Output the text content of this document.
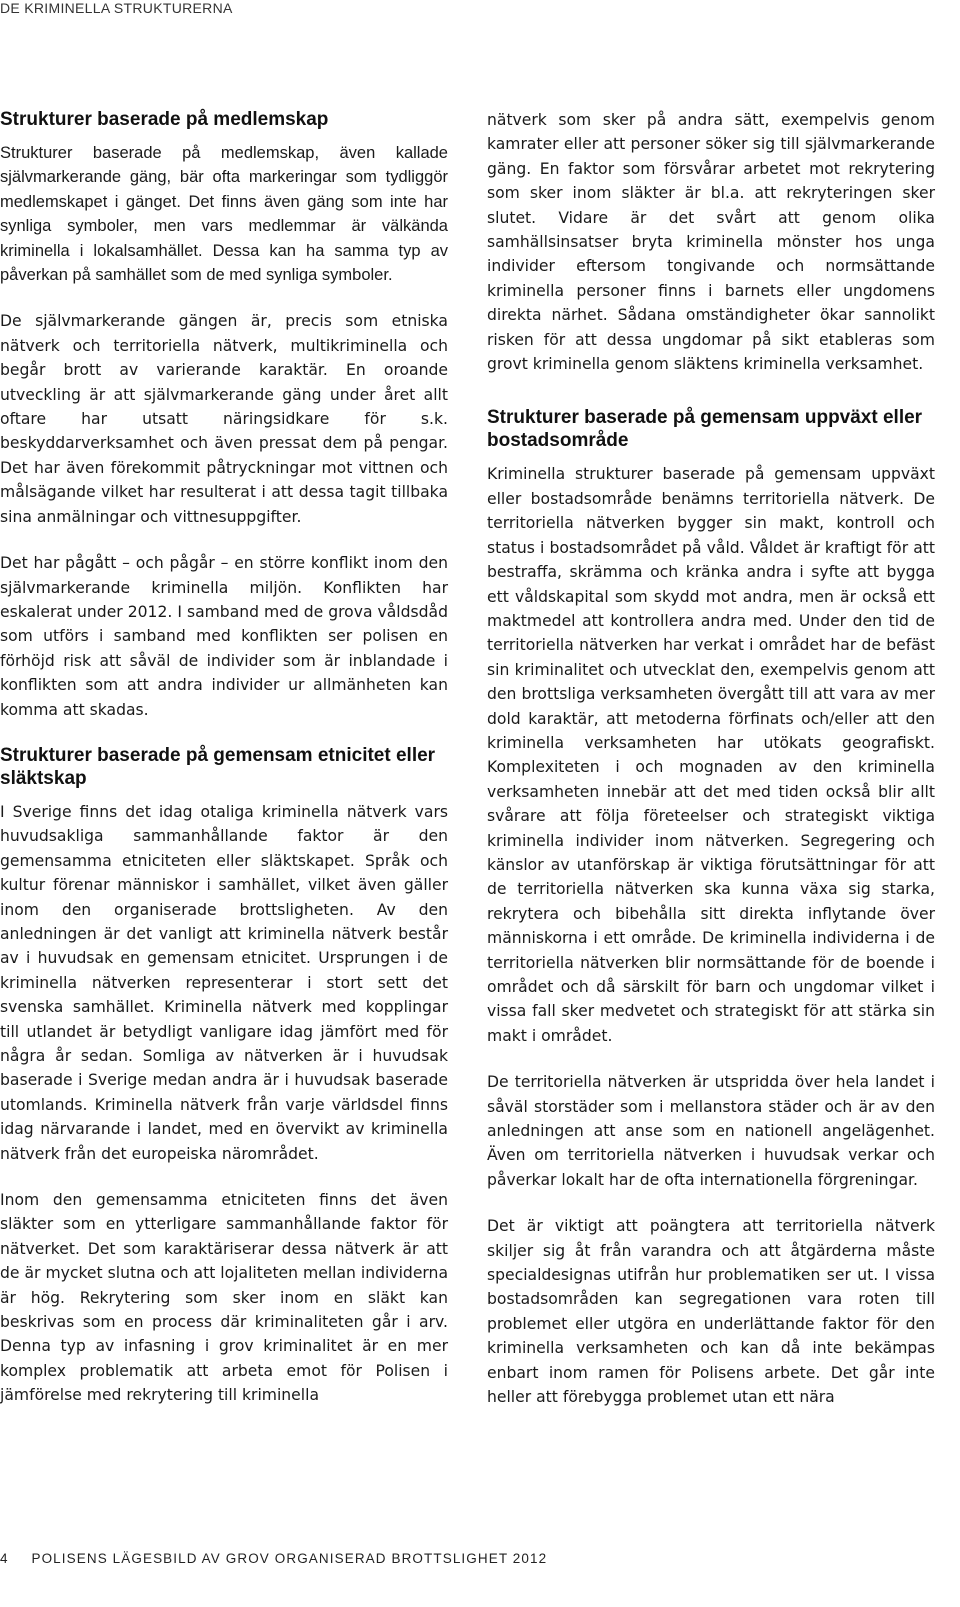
DE KRIMINELLA STRUKTURERNA
Strukturer baserade på medlemskap

Strukturer baserade på medlemskap, även kallade självmarkerande gäng, bär ofta markeringar som tydliggör medlemskapet i gänget. Det finns även gäng som inte har synliga symboler, men vars medlemmar är välkända kriminella i lokalsamhället. Dessa kan ha samma typ av påverkan på samhället som de med synliga symboler.

De självmarkerande gängen är, precis som etniska nätverk och territoriella nätverk, multikriminella och begår brott av varierande karaktär. En oroande utveckling är att självmarkerande gäng under året allt oftare har utsatt näringsidkare för s.k. beskyddarverksamhet och även pressat dem på pengar. Det har även förekommit påtryckningar mot vittnen och målsägande vilket har resulterat i att dessa tagit tillbaka sina anmälningar och vittnesuppgifter.

Det har pågått – och pågår – en större konflikt inom den självmarkerande kriminella miljön. Konflikten har eskalerat under 2012. I samband med de grova våldsdåd som utförs i samband med konflikten ser polisen en förhöjd risk att såväl de individer som är inblandade i konflikten som att andra individer ur allmänheten kan komma att skadas.

Strukturer baserade på gemensam etnicitet eller släktskap

I Sverige finns det idag otaliga kriminella nätverk vars huvudsakliga sammanhållande faktor är den gemensamma etniciteten eller släktskapet. Språk och kultur förenar människor i samhället, vilket även gäller inom den organiserade brottsligheten. Av den anledningen är det vanligt att kriminella nätverk består av i huvudsak en gemensam etnicitet. Ursprungen i de kriminella nätverken representerar i stort sett det svenska samhället. Kriminella nätverk med kopplingar till utlandet är betydligt vanligare idag jämfört med för några år sedan. Somliga av nätverken är i huvudsak baserade i Sverige medan andra är i huvudsak baserade utomlands. Kriminella nätverk från varje världsdel finns idag närvarande i landet, med en övervikt av kriminella nätverk från det europeiska närområdet.

Inom den gemensamma etniciteten finns det även släkter som en ytterligare sammanhållande faktor för nätverket. Det som karaktäriserar dessa nätverk är att de är mycket slutna och att lojaliteten mellan individerna är hög. Rekrytering som sker inom en släkt kan beskrivas som en process där kriminaliteten går i arv. Denna typ av infasning i grov kriminalitet är en mer komplex problematik att arbeta emot för Polisen i jämförelse med rekrytering till kriminella

nätverk som sker på andra sätt, exempelvis genom kamrater eller att personer söker sig till självmarkerande gäng. En faktor som försvårar arbetet mot rekrytering som sker inom släkter är bl.a. att rekryteringen sker slutet. Vidare är det svårt att genom olika samhällsinsatser bryta kriminella mönster hos unga individer eftersom tongivande och normsättande kriminella personer finns i barnets eller ungdomens direkta närhet. Sådana omständigheter ökar sannolikt risken för att dessa ungdomar på sikt etableras som grovt kriminella genom släktens kriminella verksamhet.

Strukturer baserade på gemensam uppväxt eller bostadsområde

Kriminella strukturer baserade på gemensam uppväxt eller bostadsområde benämns territoriella nätverk. De territoriella nätverken bygger sin makt, kontroll och status i bostadsområdet på våld. Våldet är kraftigt för att bestraffa, skrämma och kränka andra i syfte att bygga ett våldskapital som skydd mot andra, men är också ett maktmedel att kontrollera andra med. Under den tid de territoriella nätverken har verkat i området har de befäst sin kriminalitet och utvecklat den, exempelvis genom att den brottsliga verksamheten övergått till att vara av mer dold karaktär, att metoderna förfinats och/eller att den kriminella verksamheten har utökats geografiskt. Komplexiteten i och mognaden av den kriminella verksamheten innebär att det med tiden också blir allt svårare att följa företeelser och strategiskt viktiga kriminella individer inom nätverken. Segregering och känslor av utanförskap är viktiga förutsättningar för att de territoriella nätverken ska kunna växa sig starka, rekrytera och bibehålla sitt direkta inflytande över människorna i ett område. De kriminella individerna i de territoriella nätverken blir normsättande för de boende i området och då särskilt för barn och ungdomar vilket i vissa fall sker medvetet och strategiskt för att stärka sin makt i området.

De territoriella nätverken är utspridda över hela landet i såväl storstäder som i mellanstora städer och är av den anledningen att anse som en nationell angelägenhet. Även om territoriella nätverken i huvudsak verkar och påverkar lokalt har de ofta internationella förgreningar.

Det är viktigt att poängtera att territoriella nätverk skiljer sig åt från varandra och att åtgärderna måste specialdesignas utifrån hur problematiken ser ut. I vissa bostadsområden kan segregationen vara roten till problemet eller utgöra en underlättande faktor för den kriminella verksamheten och kan då inte bekämpas enbart inom ramen för Polisens arbete. Det går inte heller att förebygga problemet utan ett nära

4 POLISENS LÄGESBILD AV GROV ORGANISERAD BROTTSLIGHET 2012
